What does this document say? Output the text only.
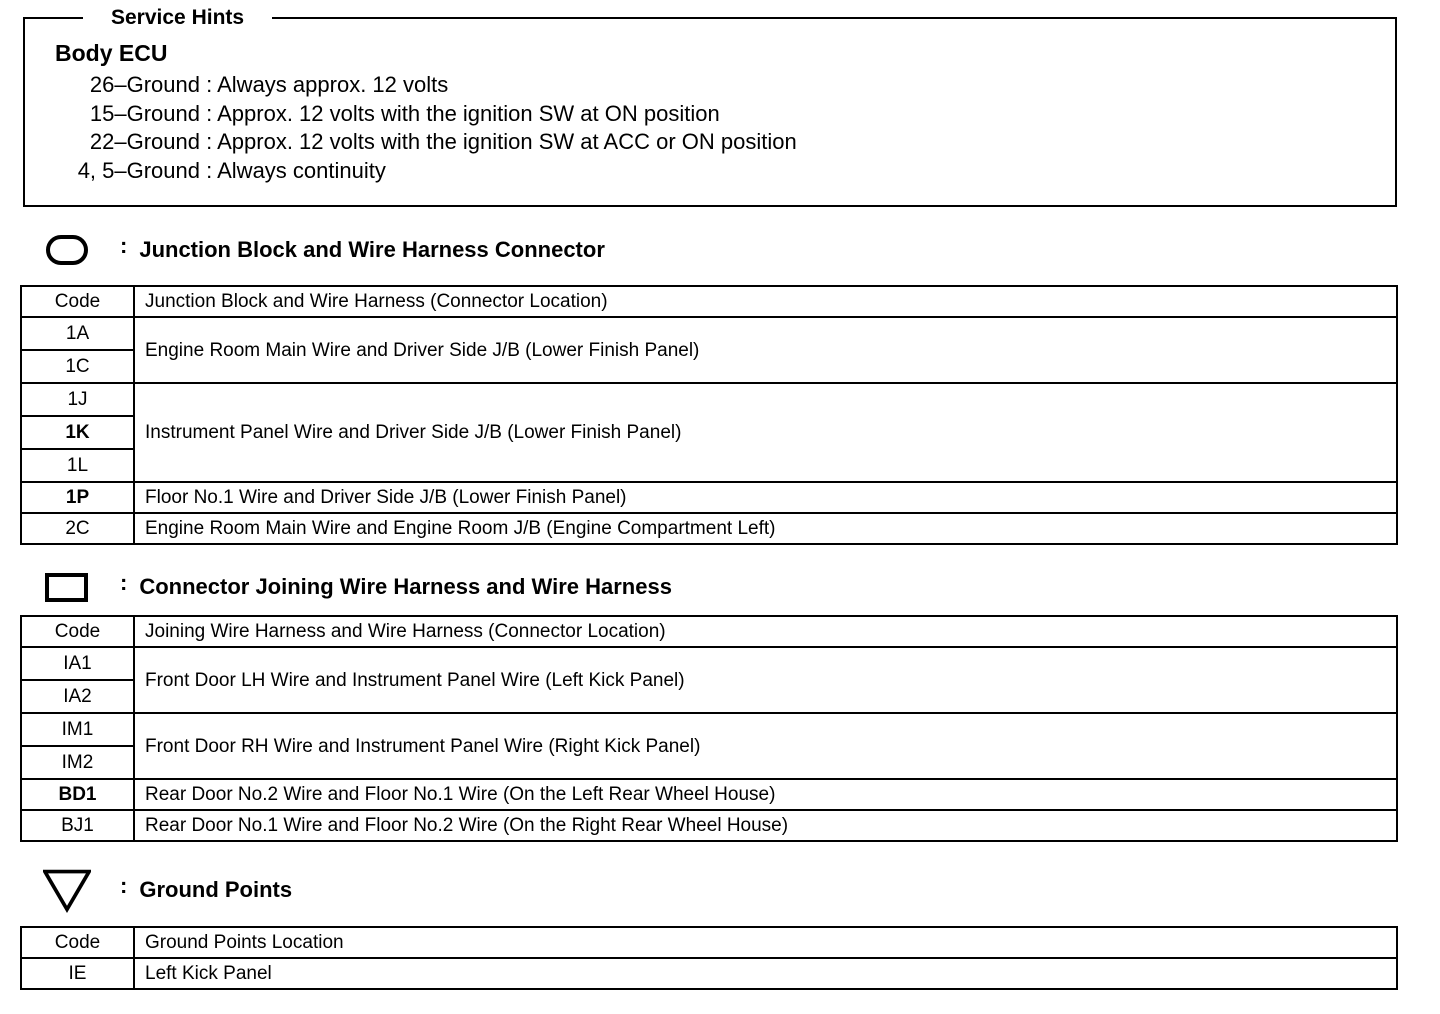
Service Hints
Body ECU
26–Ground : Always approx. 12 volts
15–Ground : Approx. 12 volts with the ignition SW at ON position
22–Ground : Approx. 12 volts with the ignition SW at ACC or ON position
4, 5–Ground : Always continuity
: Junction Block and Wire Harness Connector
Code	Junction Block and Wire Harness (Connector Location)
1A	Engine Room Main Wire and Driver Side J/B (Lower Finish Panel)
1C	
1J	Instrument Panel Wire and Driver Side J/B (Lower Finish Panel)
1K	
1L	
1P	Floor No.1 Wire and Driver Side J/B (Lower Finish Panel)
2C	Engine Room Main Wire and Engine Room J/B (Engine Compartment Left)
: Connector Joining Wire Harness and Wire Harness
Code	Joining Wire Harness and Wire Harness (Connector Location)
IA1	Front Door LH Wire and Instrument Panel Wire (Left Kick Panel)
IA2	
IM1	Front Door RH Wire and Instrument Panel Wire (Right Kick Panel)
IM2	
BD1	Rear Door No.2 Wire and Floor No.1 Wire (On the Left Rear Wheel House)
BJ1	Rear Door No.1 Wire and Floor No.2 Wire (On the Right Rear Wheel House)
: Ground Points
Code	Ground Points Location
IE	Left Kick Panel
